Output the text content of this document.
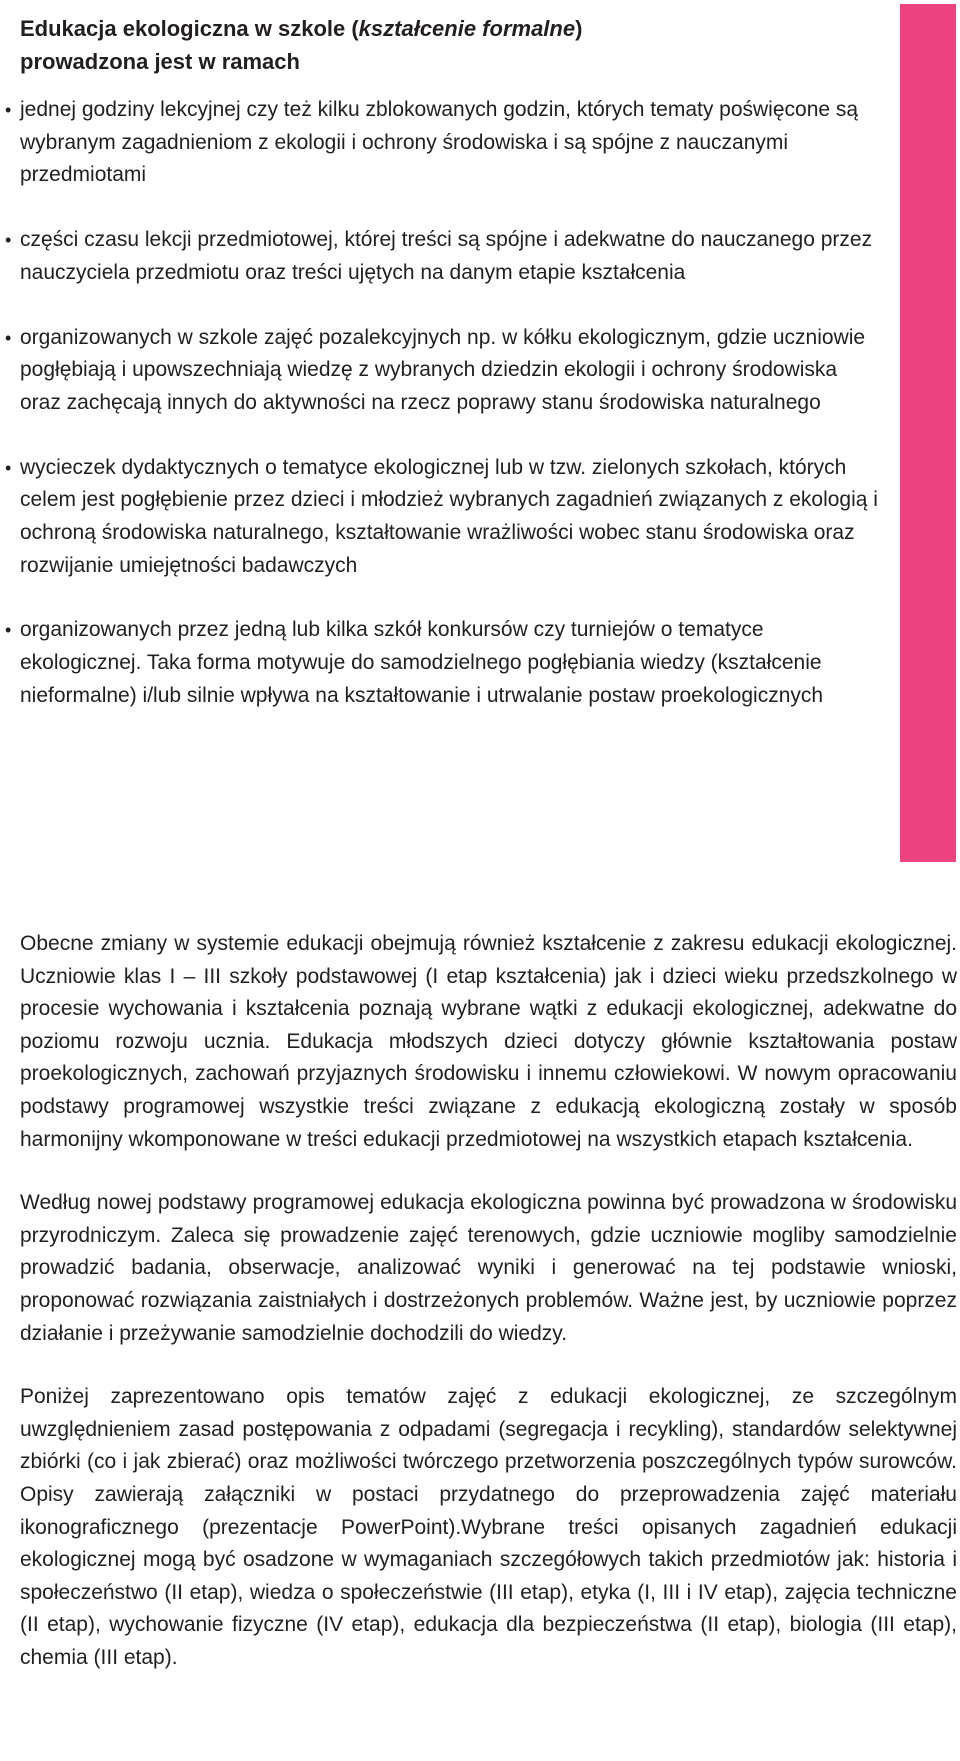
Edukacja ekologiczna w szkole (kształcenie formalne)
prowadzona jest w ramach
• jednej godziny lekcyjnej czy też kilku zblokowanych godzin, których tematy poświęcone są wybranym zagadnieniom z ekologii i ochrony środowiska i są spójne z nauczanymi przedmiotami
• części czasu lekcji przedmiotowej, której treści są spójne i adekwatne do nauczanego przez nauczyciela przedmiotu oraz treści ujętych na danym etapie kształcenia
• organizowanych w szkole zajęć pozalekcyjnych np. w kółku ekologicznym, gdzie uczniowie pogłębiają i upowszechniają wiedzę z wybranych dziedzin ekologii i ochrony środowiska oraz zachęcają innych do aktywności na rzecz poprawy stanu środowiska naturalnego
• wycieczek dydaktycznych o tematyce ekologicznej lub w tzw. zielonych szkołach, których celem jest pogłębienie przez dzieci i młodzież wybranych zagadnień związanych z ekologią i ochroną środowiska naturalnego, kształtowanie wrażliwości wobec stanu środowiska oraz rozwijanie umiejętności badawczych
• organizowanych przez jedną lub kilka szkół konkursów czy turniejów o tematyce ekologicznej. Taka forma motywuje do samodzielnego pogłębiania wiedzy (kształcenie nieformalne) i/lub silnie wpływa na kształtowanie i utrwalanie postaw proekologicznych

Obecne zmiany w systemie edukacji obejmują również kształcenie z zakresu edukacji ekologicznej. Uczniowie klas I – III szkoły podstawowej (I etap kształcenia) jak i dzieci wieku przedszkolnego w procesie wychowania i kształcenia poznają wybrane wątki z edukacji ekologicznej, adekwatne do poziomu rozwoju ucznia. Edukacja młodszych dzieci dotyczy głównie kształtowania postaw proekologicznych, zachowań przyjaznych środowisku i innemu człowiekowi. W nowym opracowaniu podstawy programowej wszystkie treści związane z edukacją ekologiczną zostały w sposób harmonijny wkomponowane w treści edukacji przedmiotowej na wszystkich etapach kształcenia.

Według nowej podstawy programowej edukacja ekologiczna powinna być prowadzona w środowisku przyrodniczym. Zaleca się prowadzenie zajęć terenowych, gdzie uczniowie mogliby samodzielnie prowadzić badania, obserwacje, analizować wyniki i generować na tej podstawie wnioski, proponować rozwiązania zaistniałych i dostrzeżonych problemów. Ważne jest, by uczniowie poprzez działanie i przeżywanie samodzielnie dochodzili do wiedzy.

Poniżej zaprezentowano opis tematów zajęć z edukacji ekologicznej, ze szczególnym uwzględnieniem zasad postępowania z odpadami (segregacja i recykling), standardów selektywnej zbiórki (co i jak zbierać) oraz możliwości twórczego przetworzenia poszczególnych typów surowców. Opisy zawierają załączniki w postaci przydatnego do przeprowadzenia zajęć materiału ikonograficznego (prezentacje PowerPoint).Wybrane treści opisanych zagadnień edukacji ekologicznej mogą być osadzone w wymaganiach szczegółowych takich przedmiotów jak: historia i społeczeństwo (II etap), wiedza o społeczeństwie (III etap), etyka (I, III i IV etap), zajęcia techniczne (II etap), wychowanie fizyczne (IV etap), edukacja dla bezpieczeństwa (II etap), biologia (III etap), chemia (III etap).
